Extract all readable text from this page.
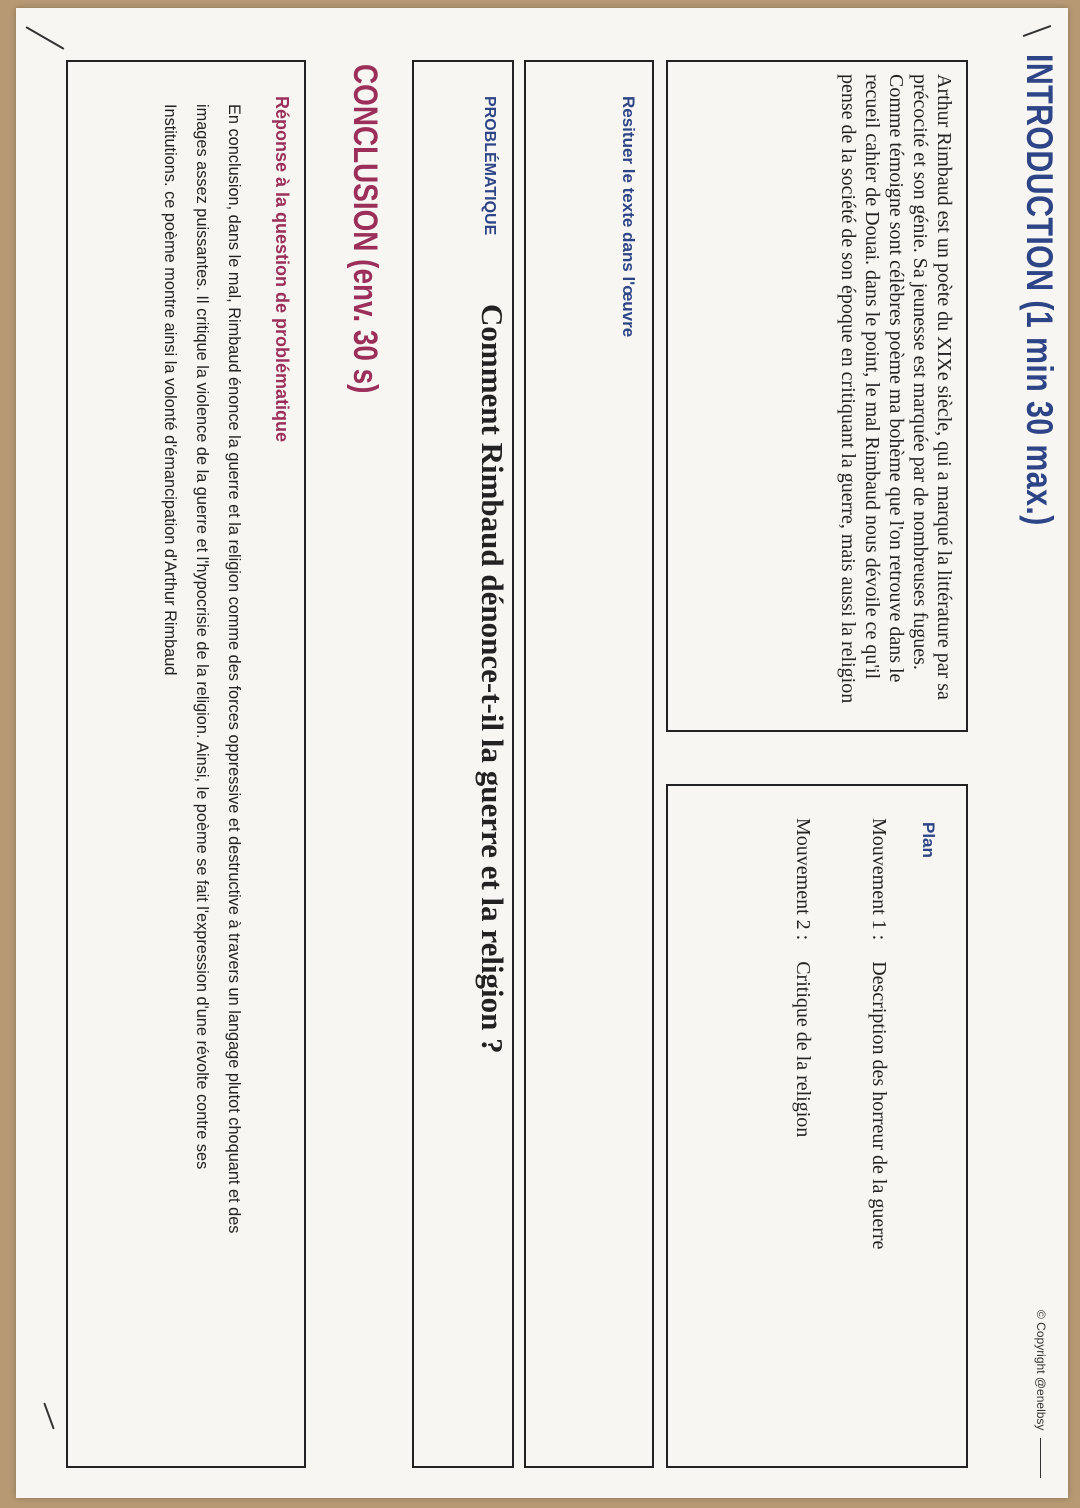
INTRODUCTION (1 min 30 max.)
© Copyright @enelbsy
Arthur Rimbaud est un poète du XIXe siècle, qui a marqué la littérature par sa précocité et son génie. Sa jeunesse est marquée par de nombreuses fugues. Comme témoigne sont célèbres poème ma bohème que l'on retrouve dans le recueil cahier de Douai. dans le point, le mal Rimbaud nous dévoile ce qu'il pense de la société de son époque en critiquant la guerre, mais aussi la religion
Plan
Mouvement 1 : Description des horreur de la guerre
Mouvement 2 : Critique de la religion
Resituer le texte dans l'œuvre
PROBLÉMATIQUE
Comment Rimbaud dénonce-t-il la guerre et la religion ?
CONCLUSION (env. 30 s)
Réponse à la question de problématique
En conclusion, dans le mal, Rimbaud énonce la guerre et la religion comme des forces oppressive et destructive à travers un langage plutot choquant et des images assez puissantes. Il critique la violence de la guerre et l'hypocrisie de la religion. Ainsi, le poème se fait l'expression d'une révolte contre ses Institutions. ce poème montre ainsi la volonté d'émancipation d'Arthur Rimbaud
